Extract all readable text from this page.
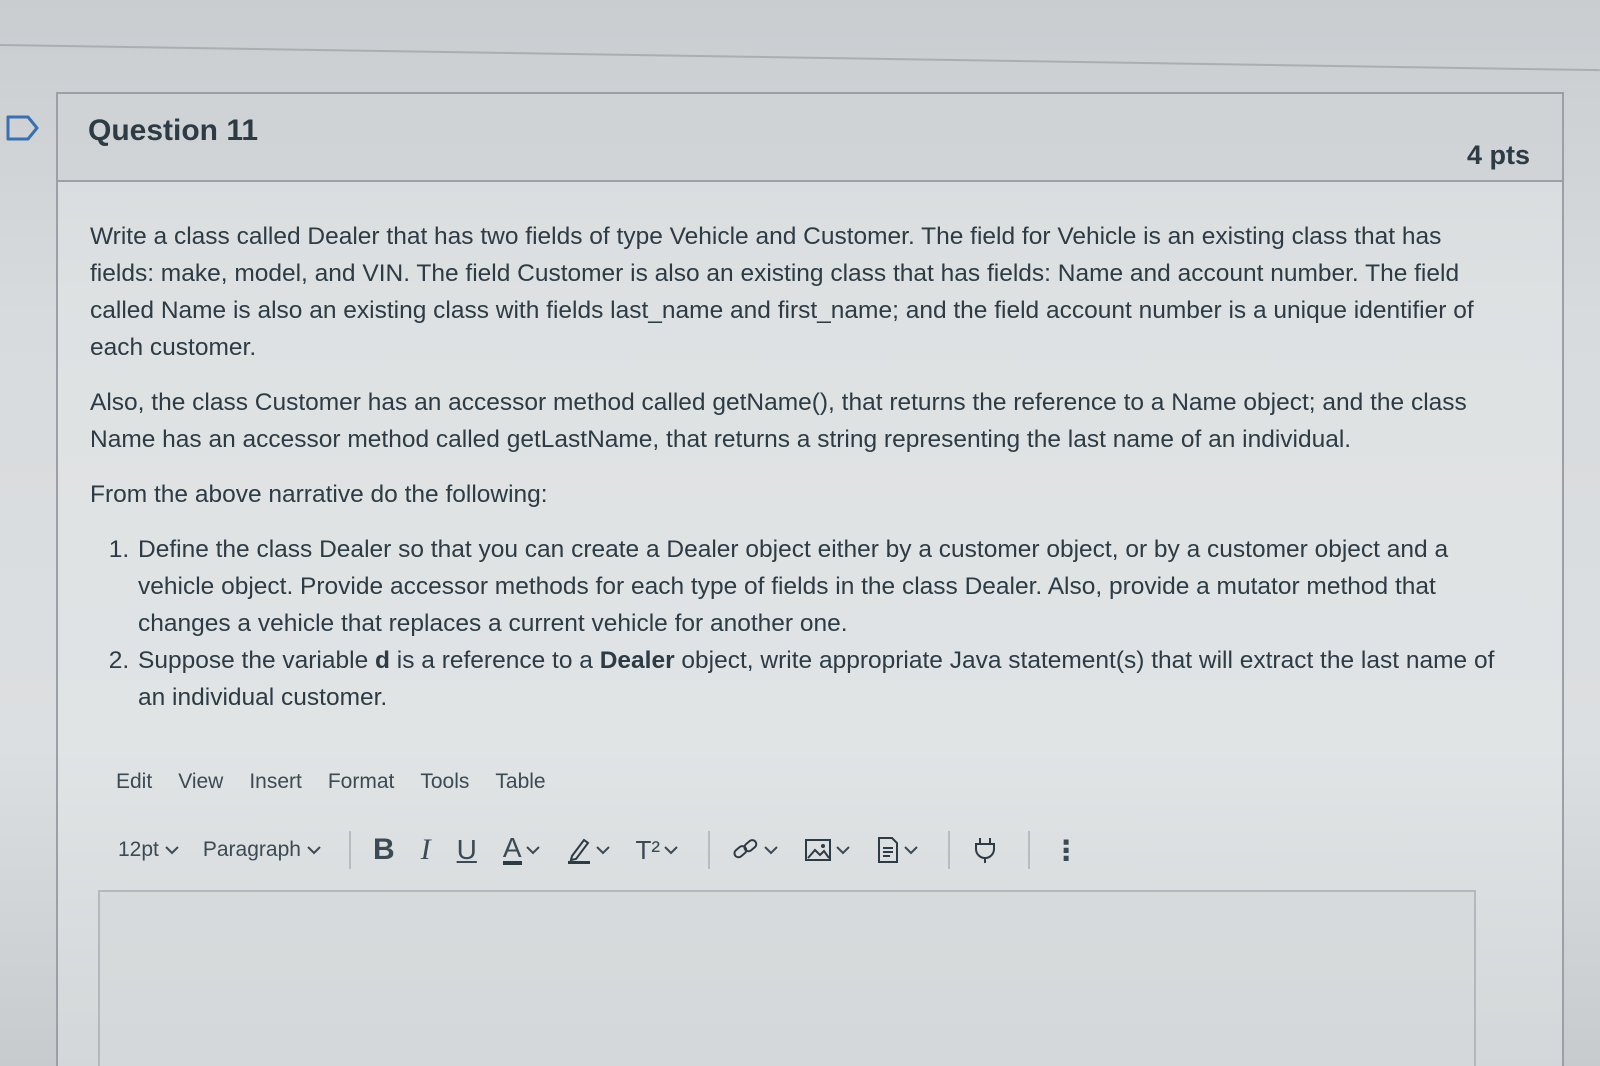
Question 11
4 pts

Write a class called Dealer that has two fields of type Vehicle and Customer. The field for Vehicle is an existing class that has fields: make, model, and VIN. The field Customer is also an existing class that has fields: Name and account number. The field called Name is also an existing class with fields last_name and first_name; and the field account number is a unique identifier of each customer.

Also, the class Customer has an accessor method called getName(), that returns the reference to a Name object; and the class Name has an accessor method called getLastName, that returns a string representing the last name of an individual.

From the above narrative do the following:

1. Define the class Dealer so that you can create a Dealer object either by a customer object, or by a customer object and a vehicle object. Provide accessor methods for each type of fields in the class Dealer. Also, provide a mutator method that changes a vehicle that replaces a current vehicle for another one.
2. Suppose the variable d is a reference to a Dealer object, write appropriate Java statement(s) that will extract the last name of an individual customer.
Edit View Insert Format Tools Table
12pt Paragraph B I U A	T²	⋮
